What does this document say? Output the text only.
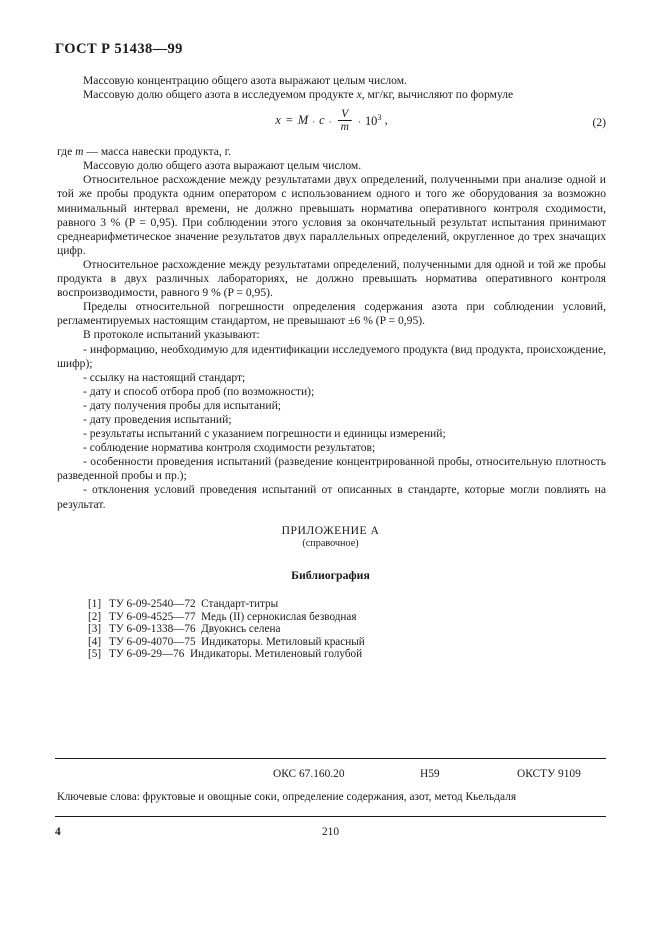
ГОСТ Р 51438—99

Массовую концентрацию общего азота выражают целым числом.

Массовую долю общего азота в исследуемом продукте x, мг/кг, вычисляют по формуле

$x = M \cdot c \cdot \frac{V}{m} \cdot 10^3$ ,	(2)

где m — масса навески продукта, г.

Массовую долю общего азота выражают целым числом.

Относительное расхождение между результатами двух определений, полученными при анализе одной и той же пробы продукта одним оператором с использованием одного и того же оборудования за возможно минимальный интервал времени, не должно превышать норматива оперативного контроля сходимости, равного 3 % (P = 0,95). При соблюдении этого условия за окончательный результат испытания принимают среднеарифметическое значение результатов двух параллельных определений, округленное до трех значащих цифр.

Относительное расхождение между результатами определений, полученными для одной и той же пробы продукта в двух различных лабораториях, не должно превышать норматива оперативного контроля воспроизводимости, равного 9 % (P = 0,95).

Пределы относительной погрешности определения содержания азота при соблюдении условий, регламентируемых настоящим стандартом, не превышают ±6 % (P = 0,95).

В протоколе испытаний указывают:

- информацию, необходимую для идентификации исследуемого продукта (вид продукта, происхождение, шифр);

- ссылку на настоящий стандарт;

- дату и способ отбора проб (по возможности);

- дату получения пробы для испытаний;

- дату проведения испытаний;

- результаты испытаний с указанием погрешности и единицы измерений;

- соблюдение норматива контроля сходимости результатов;

- особенности проведения испытаний (разведение концентрированной пробы, относительную плотность разведенной пробы и пр.);

- отклонения условий проведения испытаний от описанных в стандарте, которые могли повлиять на результат.

ПРИЛОЖЕНИЕ А
(справочное)
Библиография
[1] ТУ 6-09-2540—72 Стандарт-титры
[2] ТУ 6-09-4525—77 Медь (II) сернокислая безводная
[3] ТУ 6-09-1338—76 Двуокись селена
[4] ТУ 6-09-4070—75 Индикаторы. Метиловый красный
[5] ТУ 6-09-29—76 Индикаторы. Метиленовый голубой
ОКС 67.160.20	Н59	ОКСТУ 9109
Ключевые слова: фруктовые и овощные соки, определение содержания, азот, метод Кьельдаля
4	210
